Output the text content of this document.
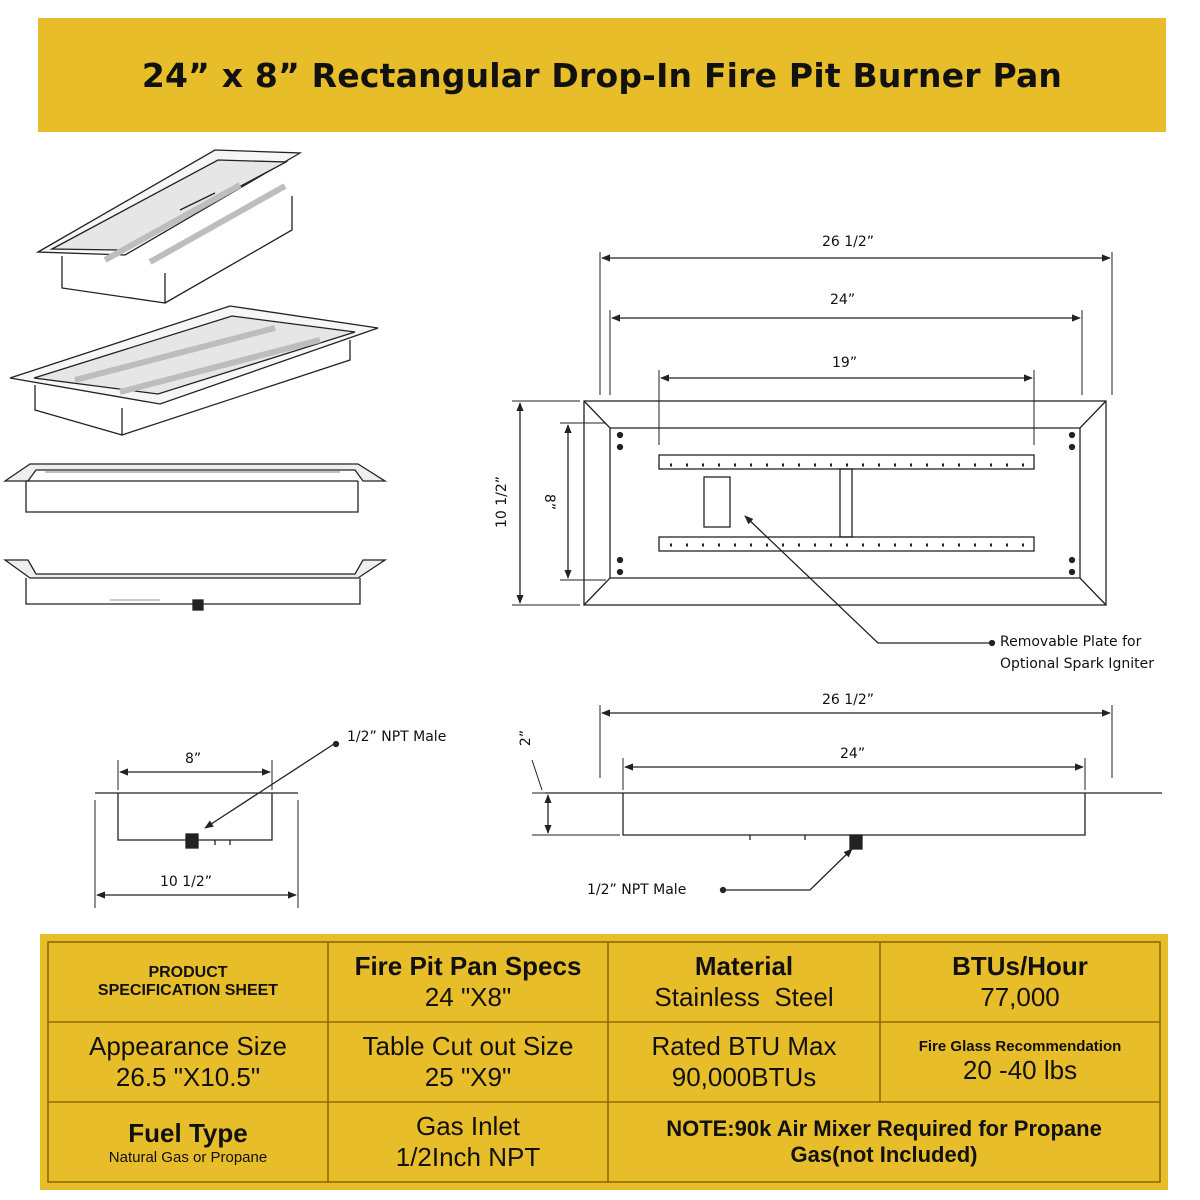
24” x 8” Rectangular Drop-In Fire Pit Burner Pan
26 1/2”
24”
19”
10 1/2” 8”
Removable Plate for
Optional Spark Igniter
8”
10 1/2”
1/2” NPT Male
26 1/2”
24”
2”
1/2” NPT Male
PRODUCT
SPECIFICATION SHEET
Fire Pit Pan Specs
24 "X8"
Material
Stainless  Steel
BTUs/Hour
77,000
Appearance Size
26.5 "X10.5"
Table Cut out Size
25 "X9"
Rated BTU Max
90,000BTUs
Fire Glass Recommendation
20 -40 lbs
Fuel Type
Natural Gas or Propane
Gas Inlet
1/2Inch NPT
NOTE:90k Air Mixer Required for Propane
Gas(not Included)
